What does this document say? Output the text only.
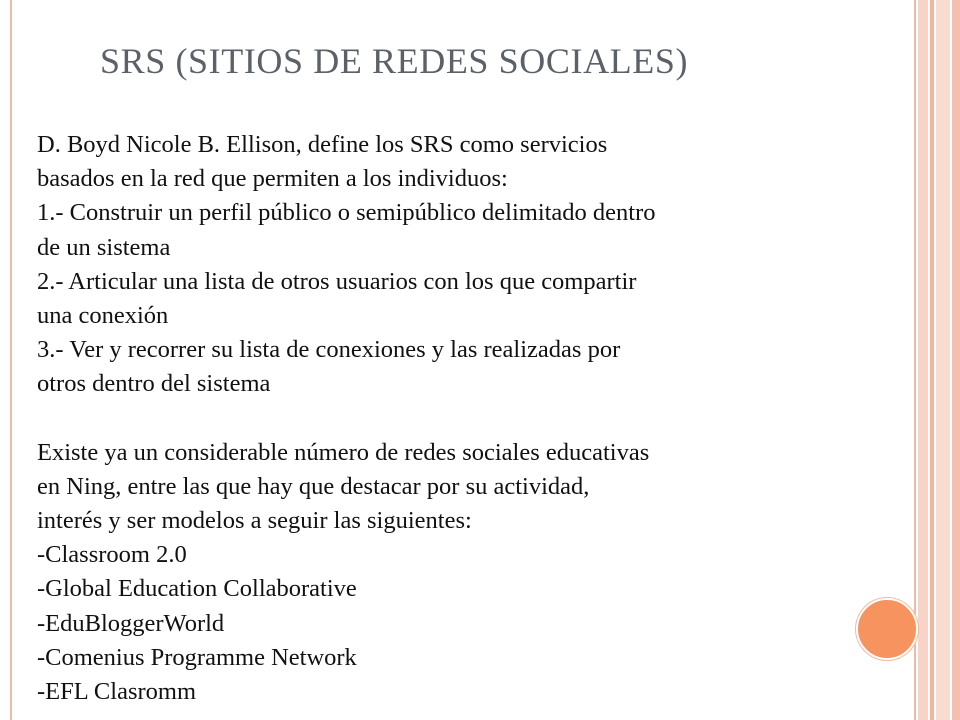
SRS (SITIOS DE REDES SOCIALES)
D. Boyd Nicole B. Ellison, define los SRS como servicios
basados en la red que permiten a los individuos:
1.- Construir un perfil público o semipúblico delimitado dentro
de un sistema
2.- Articular una lista de otros usuarios con los que compartir
una conexión
3.- Ver y recorrer su lista de conexiones y las realizadas por
otros dentro del sistema
Existe ya un considerable número de redes sociales educativas
en Ning, entre las que hay que destacar por su actividad,
interés y ser modelos a seguir las siguientes:
-Classroom 2.0
-Global Education Collaborative
-EduBloggerWorld
-Comenius Programme Network
-EFL Clasromm
